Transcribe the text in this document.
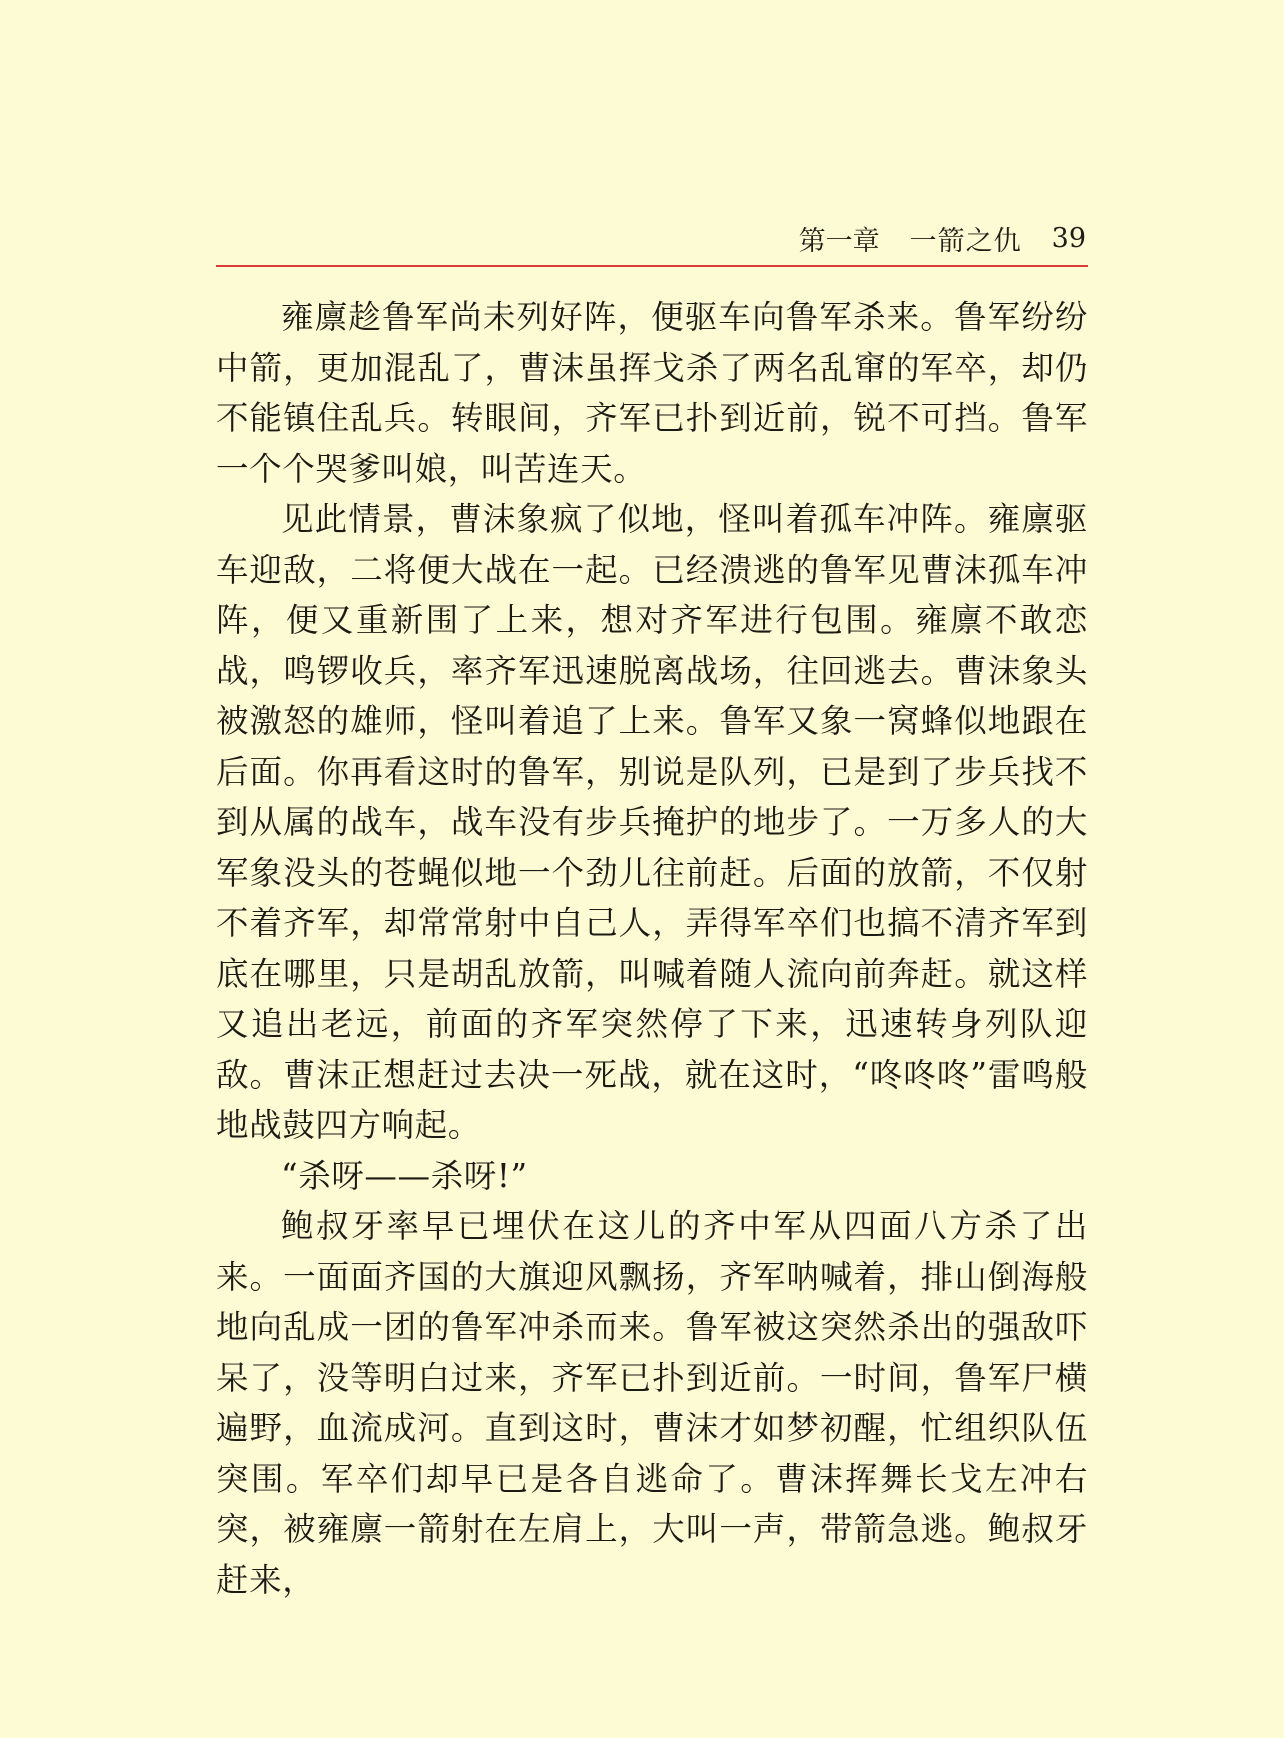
第一章 一箭之仇 39

雍廪趁鲁军尚未列好阵，便驱车向鲁军杀来。鲁军纷纷中箭，更加混乱了，曹沫虽挥戈杀了两名乱窜的军卒，却仍不能镇住乱兵。转眼间，齐军已扑到近前，锐不可挡。鲁军一个个哭爹叫娘，叫苦连天。

见此情景，曹沫象疯了似地，怪叫着孤车冲阵。雍廪驱车迎敌，二将便大战在一起。已经溃逃的鲁军见曹沫孤车冲阵，便又重新围了上来，想对齐军进行包围。雍廪不敢恋战，鸣锣收兵，率齐军迅速脱离战场，往回逃去。曹沫象头被激怒的雄师，怪叫着追了上来。鲁军又象一窝蜂似地跟在后面。你再看这时的鲁军，别说是队列，已是到了步兵找不到从属的战车，战车没有步兵掩护的地步了。一万多人的大军象没头的苍蝇似地一个劲儿往前赶。后面的放箭，不仅射不着齐军，却常常射中自己人，弄得军卒们也搞不清齐军到底在哪里，只是胡乱放箭，叫喊着随人流向前奔赶。就这样又追出老远，前面的齐军突然停了下来，迅速转身列队迎敌。曹沫正想赶过去决一死战，就在这时，“咚咚咚”雷鸣般地战鼓四方响起。

“杀呀——杀呀!”

鲍叔牙率早已埋伏在这儿的齐中军从四面八方杀了出来。一面面齐国的大旗迎风飘扬，齐军呐喊着，排山倒海般地向乱成一团的鲁军冲杀而来。鲁军被这突然杀出的强敌吓呆了，没等明白过来，齐军已扑到近前。一时间，鲁军尸横遍野，血流成河。直到这时，曹沫才如梦初醒，忙组织队伍突围。军卒们却早已是各自逃命了。曹沫挥舞长戈左冲右突，被雍廪一箭射在左肩上，大叫一声，带箭急逃。鲍叔牙赶来，
